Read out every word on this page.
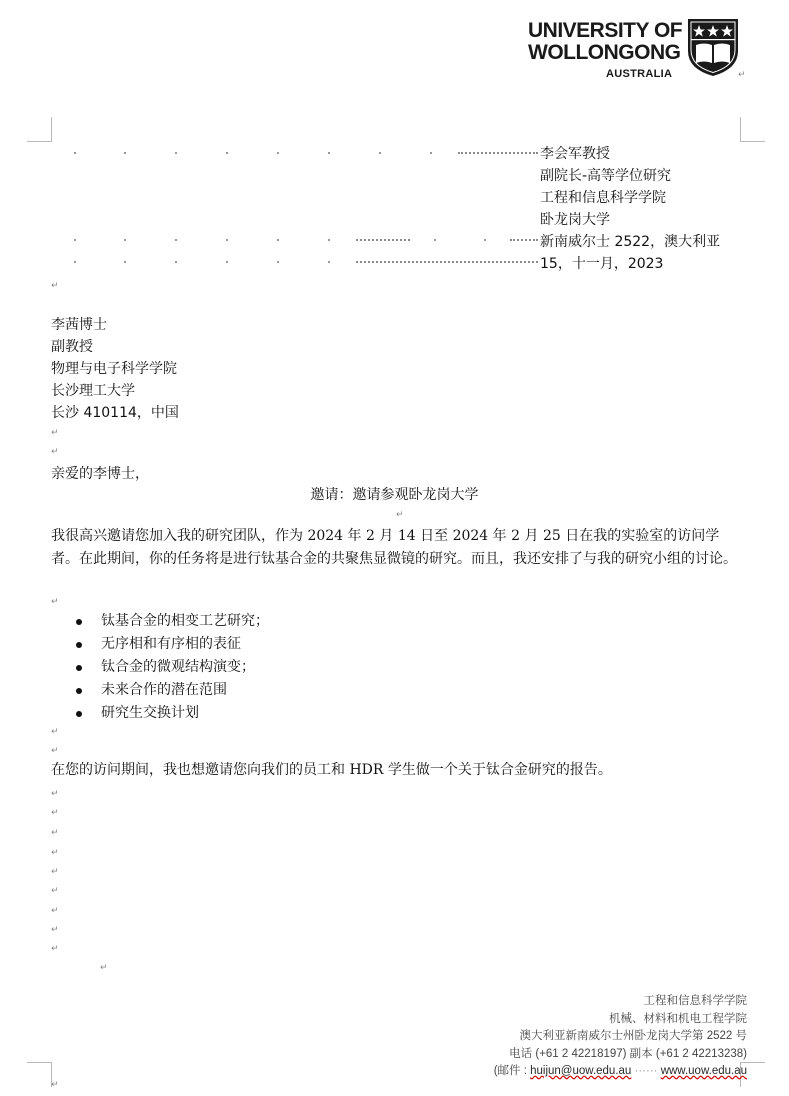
UNIVERSITY OF
WOLLONGONG
AUSTRALIA	↵
李会军教授
副院长-高等学位研究
工程和信息科学学院
卧龙岗大学
新南威尔士 2522，澳大利亚
15，十一月，2023
↵
李茜博士
副教授
物理与电子科学学院
长沙理工大学
长沙 410114，中国
↵
↵
亲爱的李博士，
邀请：邀请参观卧龙岗大学
↵
我很高兴邀请您加入我的研究团队，作为 2024 年 2 月 14 日至 2024 年 2 月 25 日在我的实验室的访问学者。在此期间，你的任务将是进行钛基合金的共聚焦显微镜的研究。而且，我还安排了与我的研究小组的讨论。
↵
钛基合金的相变工艺研究；
无序相和有序相的表征
钛合金的微观结构演变；
未来合作的潜在范围
研究生交换计划
↵
↵
在您的访问期间，我也想邀请您向我们的员工和 HDR 学生做一个关于钛合金研究的报告。
↵
↵
↵
↵
↵
↵
↵
↵
↵
↵
工程和信息科学学院
机械、材料和机电工程学院
澳大利亚新南威尔士州卧龙岗大学第 2522 号
电话 (+61 2 42218197) 副本 (+61 2 42213238)
(邮件 : huijun@uow.edu.au ······ www.uow.edu.au
↵
